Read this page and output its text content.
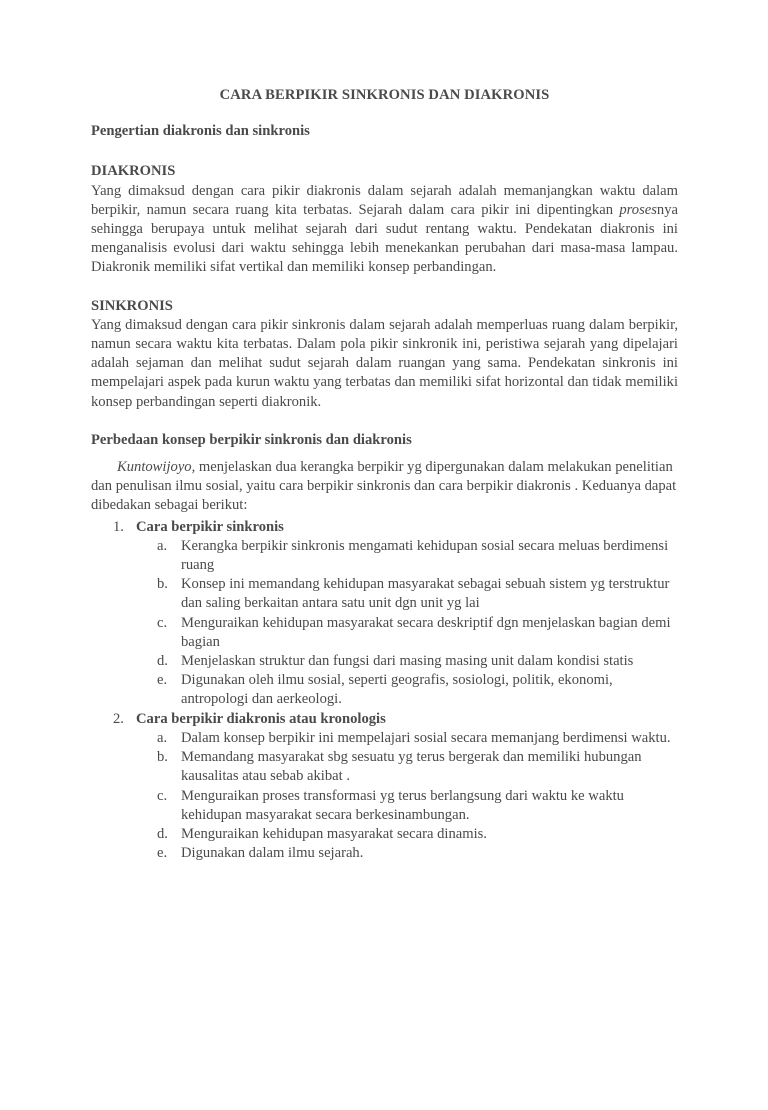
CARA BERPIKIR SINKRONIS DAN DIAKRONIS

Pengertian diakronis dan sinkronis

DIAKRONIS

Yang dimaksud dengan cara pikir diakronis dalam sejarah adalah memanjangkan waktu dalam berpikir, namun secara ruang kita terbatas. Sejarah dalam cara pikir ini dipentingkan prosesnya sehingga berupaya untuk melihat sejarah dari sudut rentang waktu. Pendekatan diakronis ini menganalisis evolusi dari waktu sehingga lebih menekankan perubahan dari masa-masa lampau. Diakronik memiliki sifat vertikal dan memiliki konsep perbandingan.

SINKRONIS

Yang dimaksud dengan cara pikir sinkronis dalam sejarah adalah memperluas ruang dalam berpikir, namun secara waktu kita terbatas. Dalam pola pikir sinkronik ini, peristiwa sejarah yang dipelajari adalah sejaman dan melihat sudut sejarah dalam ruangan yang sama. Pendekatan sinkronis ini mempelajari aspek pada kurun waktu yang terbatas dan memiliki sifat horizontal dan tidak memiliki konsep perbandingan seperti diakronik.

Perbedaan konsep berpikir sinkronis dan diakronis

Kuntowijoyo, menjelaskan dua kerangka berpikir yg dipergunakan dalam melakukan penelitian dan penulisan ilmu sosial, yaitu cara berpikir sinkronis dan cara berpikir diakronis . Keduanya dapat dibedakan sebagai berikut:

1. Cara berpikir sinkronis
a. Kerangka berpikir sinkronis mengamati kehidupan sosial secara meluas berdimensi ruang
b. Konsep ini memandang kehidupan masyarakat sebagai sebuah sistem yg terstruktur dan saling berkaitan antara satu unit dgn unit yg lai
c. Menguraikan kehidupan masyarakat secara deskriptif dgn menjelaskan bagian demi bagian
d. Menjelaskan struktur dan fungsi dari masing masing unit dalam kondisi statis
e. Digunakan oleh ilmu sosial, seperti geografis, sosiologi, politik, ekonomi, antropologi dan aerkeologi.
2. Cara berpikir diakronis atau kronologis
a. Dalam konsep berpikir ini mempelajari sosial secara memanjang berdimensi waktu.
b. Memandang masyarakat sbg sesuatu yg terus bergerak dan memiliki hubungan kausalitas atau sebab akibat .
c. Menguraikan proses transformasi yg terus berlangsung dari waktu ke waktu kehidupan masyarakat secara berkesinambungan.
d. Menguraikan kehidupan masyarakat secara dinamis.
e. Digunakan dalam ilmu sejarah.
